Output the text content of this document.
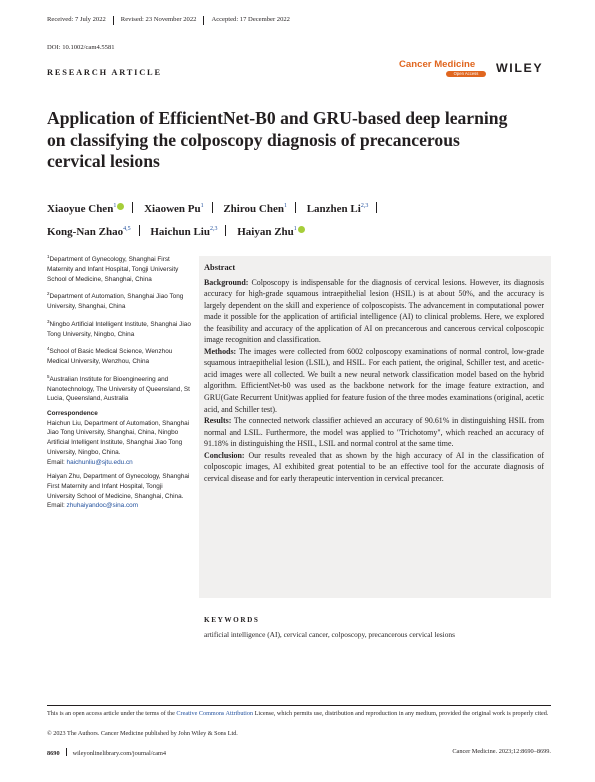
Received: 7 July 2022 Revised: 23 November 2022 Accepted: 17 December 2022
DOI: 10.1002/cam4.5581
RESEARCH ARTICLE
Cancer Medicine
Open Access	WILEY
Application of EfficientNet-B0 and GRU-based deep learning on classifying the colposcopy diagnosis of precancerous cervical lesions
Xiaoyue Chen$^1$	Xiaowen Pu$^1$ Zhirou Chen$^1$ Lanzhen Li$^{2,3}$
Kong-Nan Zhao$^{4,5}$ Haichun Liu$^{2,3}$ Haiyan Zhu$^1$

$^1$Department of Gynecology, Shanghai First Maternity and Infant Hospital, Tongji University School of Medicine, Shanghai, China

$^2$Department of Automation, Shanghai Jiao Tong University, Shanghai, China

$^3$Ningbo Artificial Intelligent Institute, Shanghai Jiao Tong University, Ningbo, China

$^4$School of Basic Medical Science, Wenzhou Medical University, Wenzhou, China

$^5$Australian Institute for Bioengineering and Nanotechnology, The University of Queensland, St Lucia, Queensland, Australia

Correspondence

Haichun Liu, Department of Automation, Shanghai Jiao Tong University, Shanghai, China, Ningbo Artificial Intelligent Institute, Shanghai Jiao Tong University, Ningbo, China.
Email: haichunliu@sjtu.edu.cn

Haiyan Zhu, Department of Gynecology, Shanghai First Maternity and Infant Hospital, Tongji University School of Medicine, Shanghai, China.
Email: zhuhaiyandoc@sina.com

Abstract

Background: Colposcopy is indispensable for the diagnosis of cervical lesions. However, its diagnosis accuracy for high-grade squamous intraepithelial lesion (HSIL) is at about 50%, and the accuracy is largely dependent on the skill and experience of colposcopists. The advancement in computational power made it possible for the application of artificial intelligence (AI) to clinical problems. Here, we explored the feasibility and accuracy of the application of AI on precancerous and cancerous cervical colposcopic image recognition and classification.

Methods: The images were collected from 6002 colposcopy examinations of normal control, low-grade squamous intraepithelial lesion (LSIL), and HSIL. For each patient, the original, Schiller test, and acetic-acid images were all collected. We built a new neural network classification model based on the hybrid algorithm. EfficientNet-b0 was used as the backbone network for the image feature extraction, and GRU(Gate Recurrent Unit)was applied for feature fusion of the three modes examinations (original, acetic acid, and Schiller test).

Results: The connected network classifier achieved an accuracy of 90.61% in distinguishing HSIL from normal and LSIL. Furthermore, the model was applied to "Trichotomy", which reached an accuracy of 91.18% in distinguishing the HSIL, LSIL and normal control at the same time.

Conclusion: Our results revealed that as shown by the high accuracy of AI in the classification of colposcopic images, AI exhibited great potential to be an effective tool for the accurate diagnosis of cervical disease and for early therapeutic intervention in cervical precancer.

KEYWORDS

artificial intelligence (AI), cervical cancer, colposcopy, precancerous cervical lesions

This is an open access article under the terms of the Creative Commons Attribution License, which permits use, distribution and reproduction in any medium, provided the original work is properly cited.
© 2023 The Authors. Cancer Medicine published by John Wiley & Sons Ltd.
8690 wileyonlinelibrary.com/journal/cam4	Cancer Medicine. 2023;12:8690–8699.
